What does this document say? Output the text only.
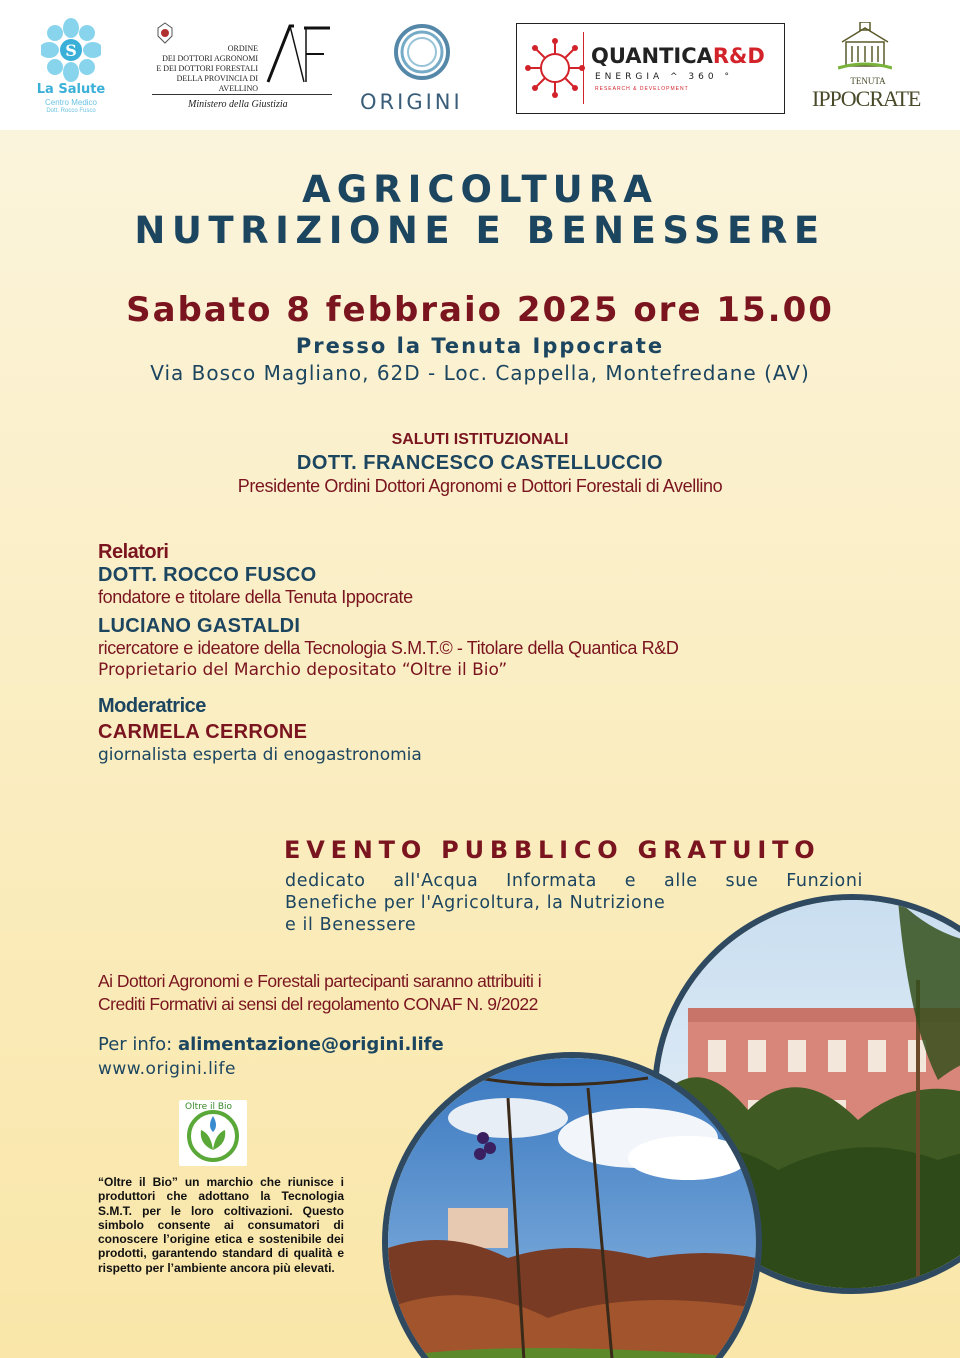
S
La Salute
Centro Medico
Dott. Rocco Fusco
ORDINE
DEI DOTTORI AGRONOMI
E DEI DOTTORI FORESTALI
DELLA PROVINCIA DI AVELLINO
Ministero della Giustizia	ORIGINI
QUANTICAR&D
ENERGIA ^ 360 °
RESEARCH & DEVELOPMENT
TENUTA
IPPOCRATE
AGRICOLTURA
NUTRIZIONE E BENESSERE
Sabato 8 febbraio 2025 ore 15.00
Presso la Tenuta Ippocrate
Via Bosco Magliano, 62D - Loc. Cappella, Montefredane (AV)
SALUTI ISTITUZIONALI
DOTT. FRANCESCO CASTELLUCCIO
Presidente Ordini Dottori Agronomi e Dottori Forestali di Avellino
Relatori
DOTT. ROCCO FUSCO
fondatore e titolare della Tenuta Ippocrate
LUCIANO GASTALDI
ricercatore e ideatore della Tecnologia S.M.T.© - Titolare della Quantica R&D
Proprietario del Marchio depositato “Oltre il Bio”
Moderatrice
CARMELA CERRONE
giornalista esperta di enogastronomia
EVENTO PUBBLICO GRATUITO
dedicato all'Acqua Informata e alle sue Funzioni
Benefiche per l'Agricoltura, la Nutrizione
e il Benessere
Ai Dottori Agronomi e Forestali partecipanti saranno attribuiti i
Crediti Formativi ai sensi del regolamento CONAF N. 9/2022
Per info: alimentazione@origini.life
www.origini.life
Oltre il Bio
“Oltre il Bio” un marchio che riunisce i produttori che adottano la Tecnologia S.M.T. per le loro coltivazioni. Questo simbolo consente ai consumatori di conoscere l’origine etica e sostenibile dei prodotti, garantendo standard di qualità e rispetto per l’ambiente ancora più elevati.
